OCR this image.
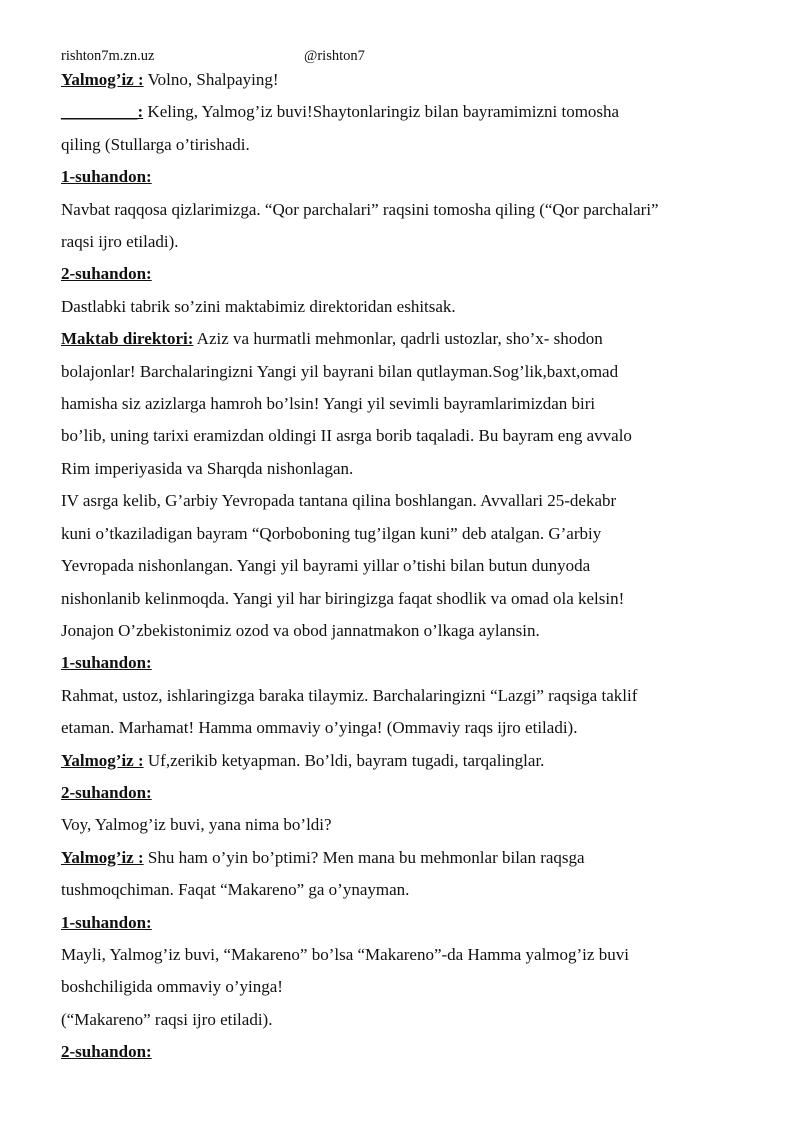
rishton7m.zn.uz	@rishton7

Yalmog’iz : Volno, Shalpaying!

_________: Keling, Yalmog’iz buvi!Shaytonlaringiz bilan bayramimizni tomosha

qiling (Stullarga o’tirishadi.

1-suhandon:

Navbat raqqosa qizlarimizga. “Qor parchalari” raqsini tomosha qiling (“Qor parchalari”

raqsi ijro etiladi).

2-suhandon:

Dastlabki tabrik so’zini maktabimiz direktoridan eshitsak.

Maktab direktori: Aziz va hurmatli mehmonlar, qadrli ustozlar, sho’x- shodon

bolajonlar! Barchalaringizni Yangi yil bayrani bilan qutlayman.Sog’lik,baxt,omad

hamisha siz azizlarga hamroh bo’lsin! Yangi yil sevimli bayramlarimizdan biri

bo’lib, uning tarixi eramizdan oldingi II asrga borib taqaladi. Bu bayram eng avvalo

Rim imperiyasida va Sharqda nishonlagan.

IV asrga kelib, G’arbiy Yevropada tantana qilina boshlangan. Avvallari 25-dekabr

kuni o’tkaziladigan bayram “Qorboboning tug’ilgan kuni” deb atalgan. G’arbiy

Yevropada nishonlangan. Yangi yil bayrami yillar o’tishi bilan butun dunyoda

nishonlanib kelinmoqda. Yangi yil har biringizga faqat shodlik va omad ola kelsin!

Jonajon O’zbekistonimiz ozod va obod jannatmakon o’lkaga aylansin.

1-suhandon:

Rahmat, ustoz, ishlaringizga baraka tilaymiz. Barchalaringizni “Lazgi” raqsiga taklif

etaman. Marhamat! Hamma ommaviy o’yinga! (Ommaviy raqs ijro etiladi).

Yalmog’iz : Uf,zerikib ketyapman. Bo’ldi, bayram tugadi, tarqalinglar.

2-suhandon:

Voy, Yalmog’iz buvi, yana nima bo’ldi?

Yalmog’iz : Shu ham o’yin bo’ptimi? Men mana bu mehmonlar bilan raqsga

tushmoqchiman. Faqat “Makareno” ga o’ynayman.

1-suhandon:

Mayli, Yalmog’iz buvi, “Makareno” bo’lsa “Makareno”-da Hamma yalmog’iz buvi

boshchiligida ommaviy o’yinga!

(“Makareno” raqsi ijro etiladi).

2-suhandon:
